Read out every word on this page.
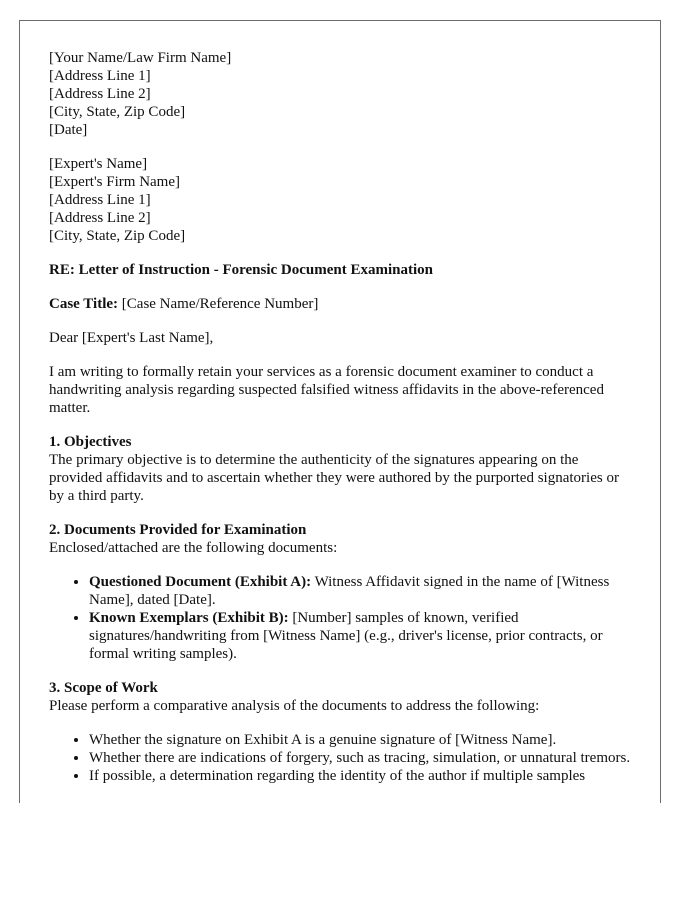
[Your Name/Law Firm Name]
[Address Line 1]
[Address Line 2]
[City, State, Zip Code]
[Date]
[Expert's Name]
[Expert's Firm Name]
[Address Line 1]
[Address Line 2]
[City, State, Zip Code]

RE: Letter of Instruction - Forensic Document Examination

Case Title: [Case Name/Reference Number]

Dear [Expert's Last Name],

I am writing to formally retain your services as a forensic document examiner to conduct a handwriting analysis regarding suspected falsified witness affidavits in the above-referenced matter.

1. Objectives

The primary objective is to determine the authenticity of the signatures appearing on the provided affidavits and to ascertain whether they were authored by the purported signatories or by a third party.

2. Documents Provided for Examination

Enclosed/attached are the following documents:

• Questioned Document (Exhibit A): Witness Affidavit signed in the name of [Witness Name], dated [Date].
• Known Exemplars (Exhibit B): [Number] samples of known, verified signatures/handwriting from [Witness Name] (e.g., driver's license, prior contracts, or formal writing samples).

3. Scope of Work

Please perform a comparative analysis of the documents to address the following:

• Whether the signature on Exhibit A is a genuine signature of [Witness Name].
• Whether there are indications of forgery, such as tracing, simulation, or unnatural tremors.
• If possible, a determination regarding the identity of the author if multiple samples
